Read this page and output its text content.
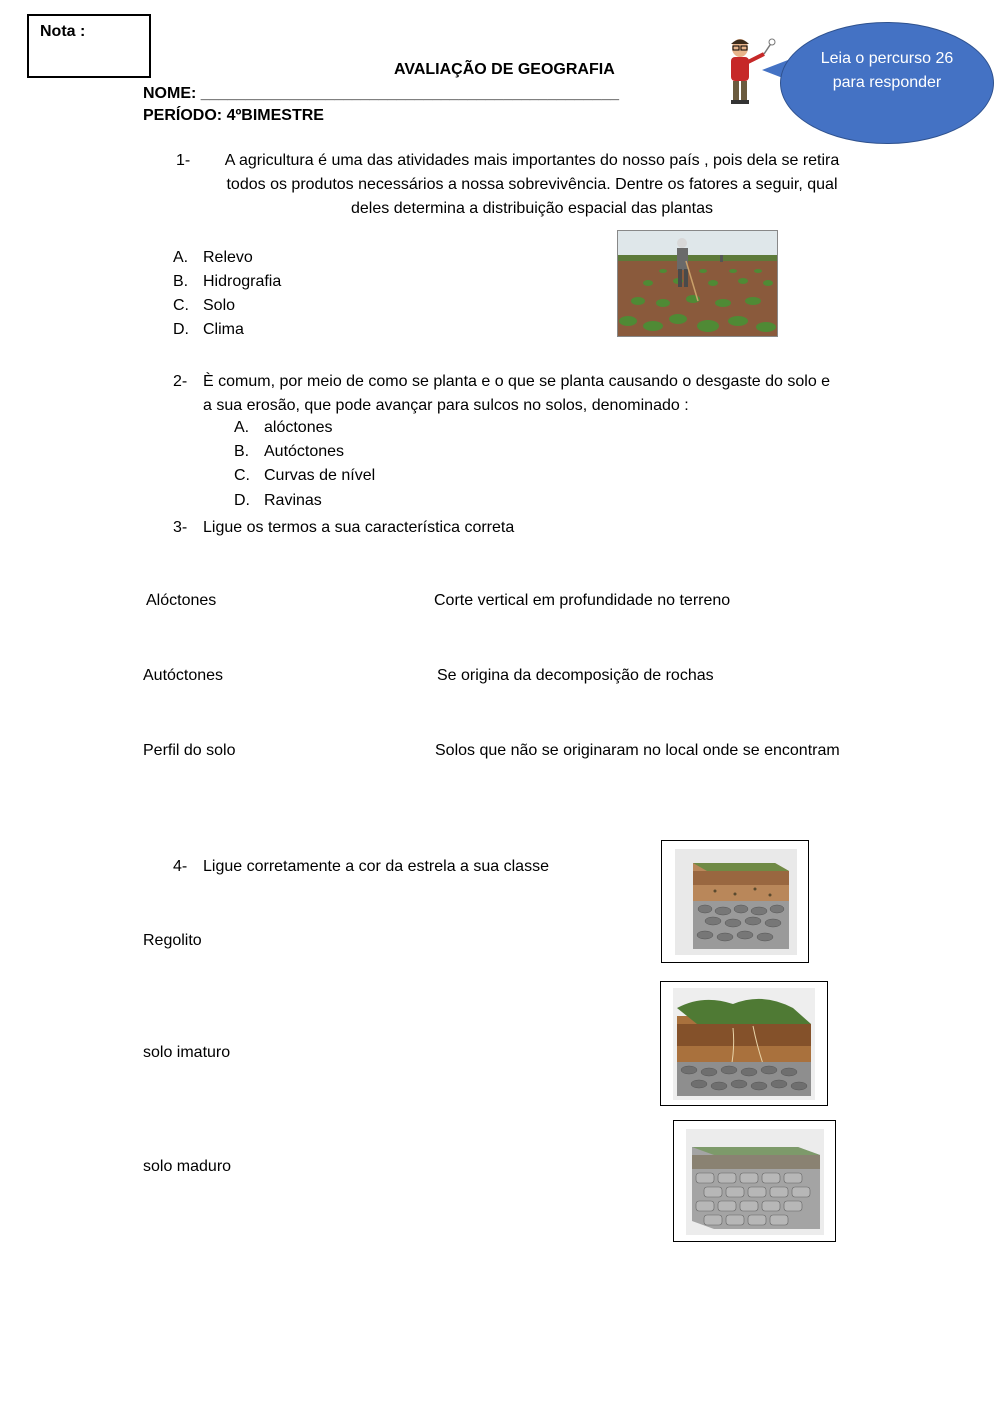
Nota :
AVALIAÇÃO DE GEOGRAFIA
NOME: _______________________________________________
PERÍODO: 4ºBIMESTRE
Leia o percurso 26 para responder
1-	A agricultura é uma das atividades mais importantes do nosso país , pois dela se retira todos os produtos necessários a nossa sobrevivência. Dentre os fatores a seguir, qual deles determina a distribuição espacial das plantas
A. Relevo
B. Hidrografia
C. Solo
D. Clima
2- È comum, por meio de como se planta e o que se planta causando o desgaste do solo e
a sua erosão, que pode avançar para sulcos no solos, denominado :
A. alóctones
B. Autóctones
C. Curvas de nível
D. Ravinas
3- Ligue os termos a sua característica correta
Alóctones	Corte vertical em profundidade no terreno
Autóctones	Se origina da decomposição de rochas
Perfil do solo	Solos que não se originaram no local onde se encontram
4- Ligue corretamente a cor da estrela a sua classe
Regolito
solo imaturo
solo maduro
